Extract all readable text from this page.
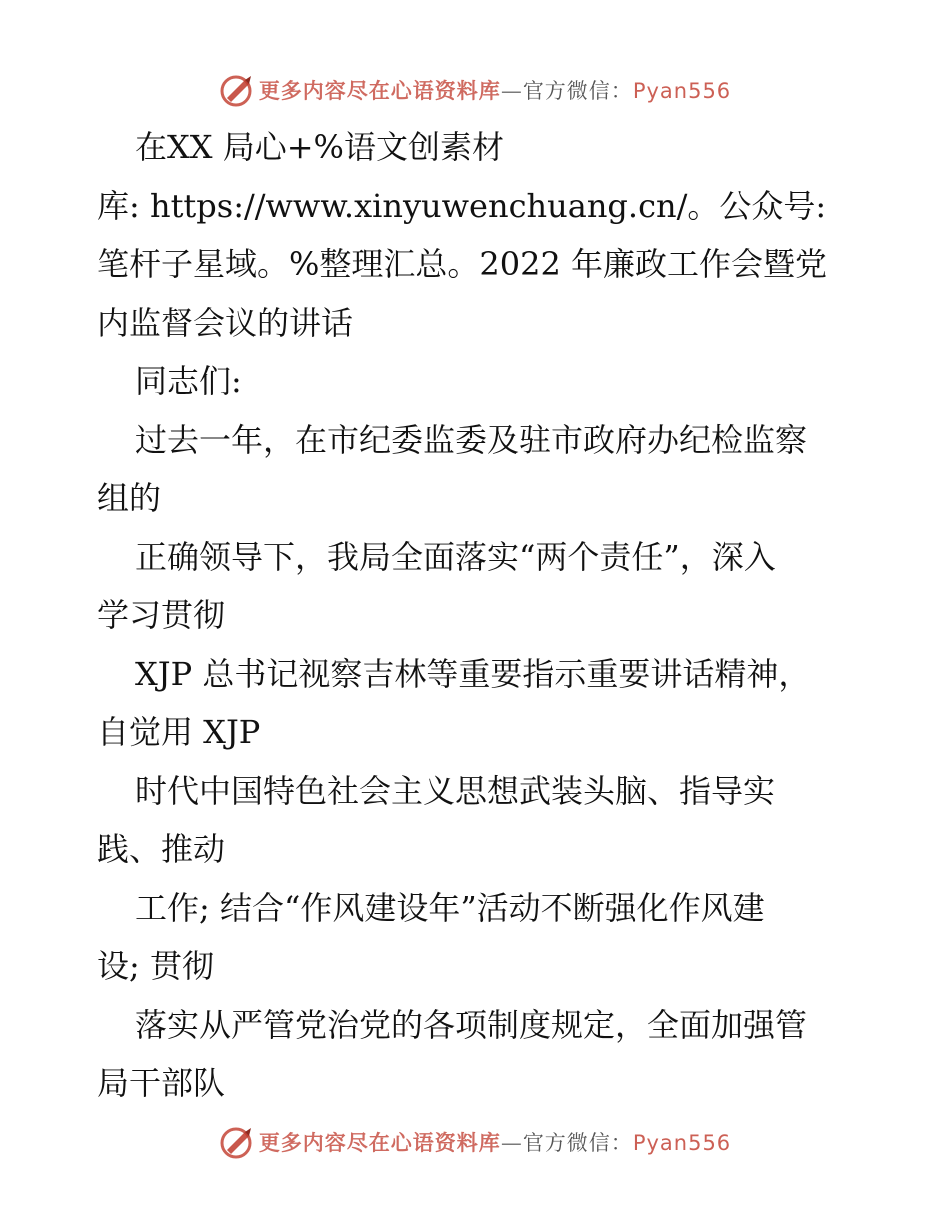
更多内容尽在心语资料库—官方微信：Pyan556
在XX 局心+%语文创素材
库: https://www.xinyuwenchuang.cn/。公众号:
笔杆子星域。%整理汇总。2022 年廉政工作会暨党
内监督会议的讲话
同志们:
过去一年，在市纪委监委及驻市政府办纪检监察
组的
正确领导下，我局全面落实“两个责任”，深入
学习贯彻
XJP 总书记视察吉林等重要指示重要讲话精神，
自觉用 XJP
时代中国特色社会主义思想武装头脑、指导实
践、推动
工作; 结合“作风建设年”活动不断强化作风建
设; 贯彻
落实从严管党治党的各项制度规定，全面加强管
局干部队
更多内容尽在心语资料库—官方微信：Pyan556
